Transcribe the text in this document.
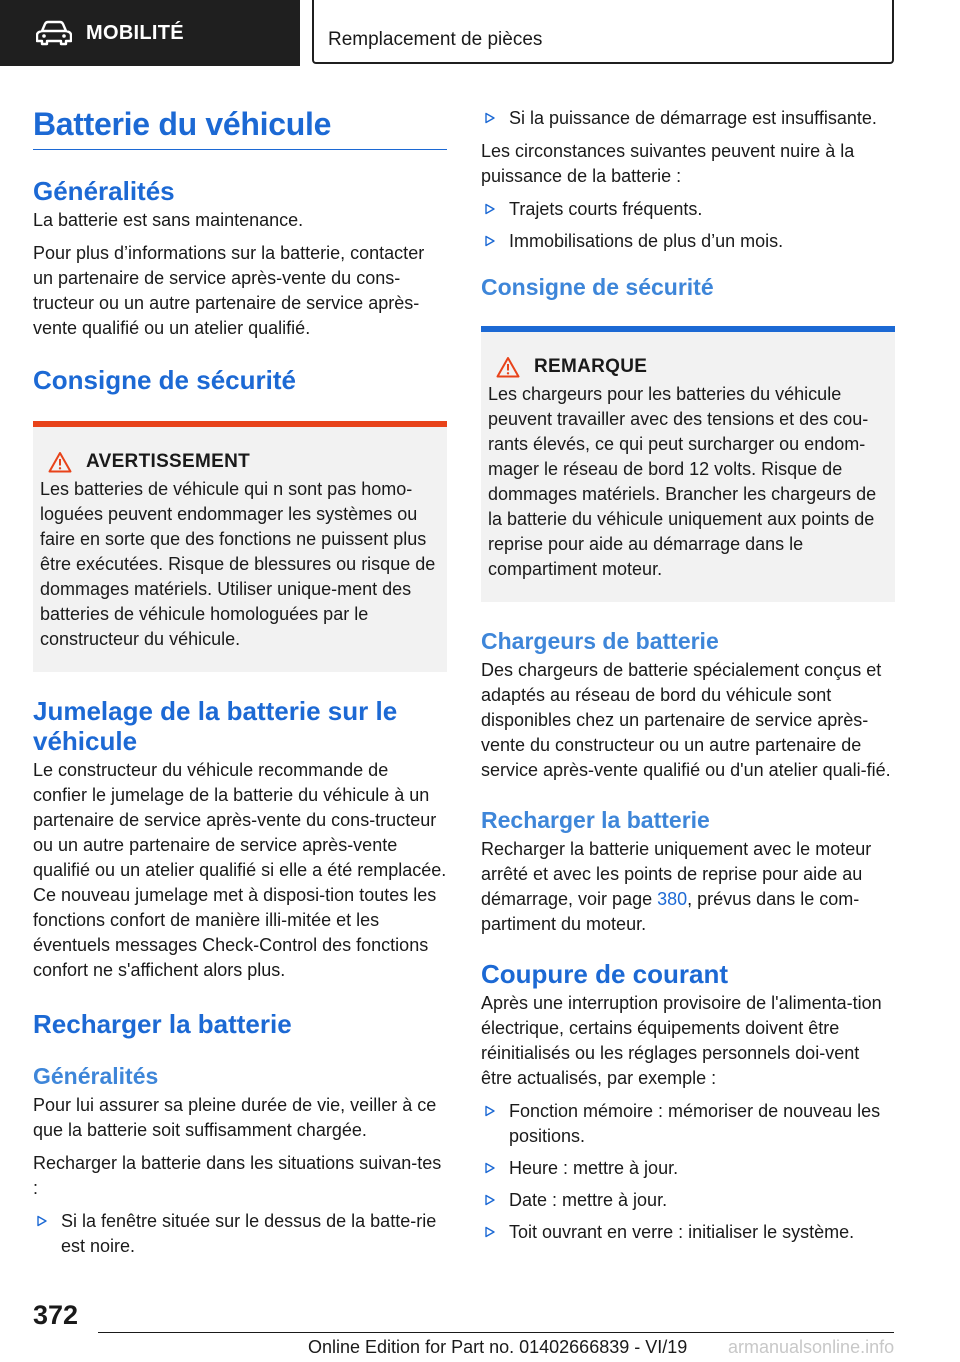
MOBILITÉ	Remplacement de pièces
Batterie du véhicule
Généralités

La batterie est sans maintenance.

Pour plus d’informations sur la batterie, contacter un partenaire de service après-vente du cons-tructeur ou un autre partenaire de service après-vente qualifié ou un atelier qualifié.

Consigne de sécurité
AVERTISSEMENT

Les batteries de véhicule qui n sont pas homo-loguées peuvent endommager les systèmes ou faire en sorte que des fonctions ne puissent plus être exécutées. Risque de blessures ou risque de dommages matériels. Utiliser unique-ment des batteries de véhicule homologuées par le constructeur du véhicule.

Jumelage de la batterie sur le véhicule

Le constructeur du véhicule recommande de confier le jumelage de la batterie du véhicule à un partenaire de service après-vente du cons-tructeur ou un autre partenaire de service après-vente qualifié ou un atelier qualifié si elle a été remplacée. Ce nouveau jumelage met à disposi-tion toutes les fonctions confort de manière illi-mitée et les éventuels messages Check-Control des fonctions confort ne s'affichent alors plus.

Recharger la batterie
Généralités

Pour lui assurer sa pleine durée de vie, veiller à ce que la batterie soit suffisamment chargée.

Recharger la batterie dans les situations suivan-tes :

Si la fenêtre située sur le dessus de la batte-rie est noire.
Si la puissance de démarrage est insuffisante.

Les circonstances suivantes peuvent nuire à la puissance de la batterie :

Trajets courts fréquents.
Immobilisations de plus d’un mois.
Consigne de sécurité
REMARQUE

Les chargeurs pour les batteries du véhicule peuvent travailler avec des tensions et des cou-rants élevés, ce qui peut surcharger ou endom-mager le réseau de bord 12 volts. Risque de dommages matériels. Brancher les chargeurs de la batterie du véhicule uniquement aux points de reprise pour aide au démarrage dans le compartiment moteur.

Chargeurs de batterie

Des chargeurs de batterie spécialement conçus et adaptés au réseau de bord du véhicule sont disponibles chez un partenaire de service après-vente du constructeur ou un autre partenaire de service après-vente qualifié ou d'un atelier quali-fié.

Recharger la batterie

Recharger la batterie uniquement avec le moteur arrêté et avec les points de reprise pour aide au démarrage, voir page 380, prévus dans le com-partiment du moteur.

Coupure de courant

Après une interruption provisoire de l'alimenta-tion électrique, certains équipements doivent être réinitialisés ou les réglages personnels doi-vent être actualisés, par exemple :

Fonction mémoire : mémoriser de nouveau les positions.
Heure : mettre à jour.
Date : mettre à jour.
Toit ouvrant en verre : initialiser le système.
372
Online Edition for Part no. 01402666839 - VI/19 armanualsonline.info
